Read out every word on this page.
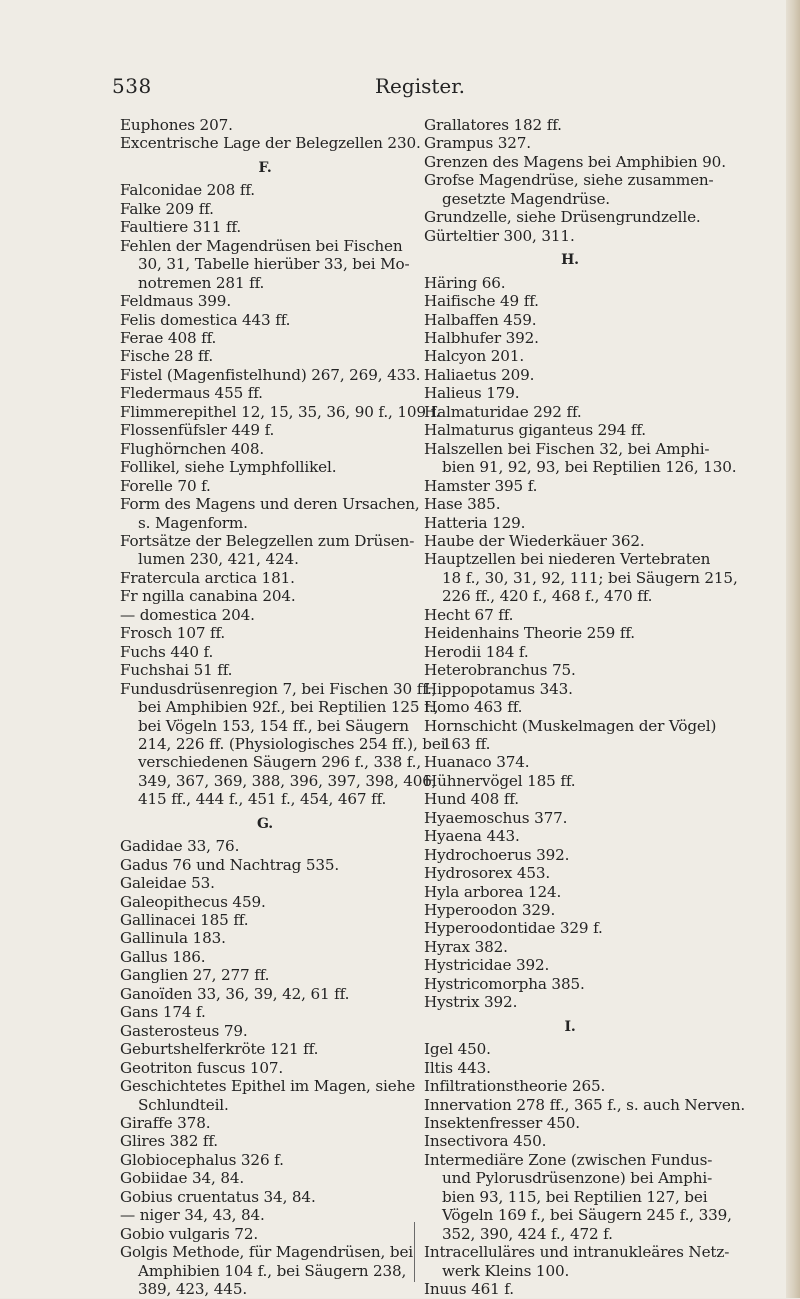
538	Register.
Euphones 207.
Excentrische Lage der Belegzellen 230.
F.
Falconidae 208 ff.
Falke 209 ff.
Faultiere 311 ff.
Fehlen der Magendrüsen bei Fischen
30, 31, Tabelle hierüber 33, bei Mo-
notremen 281 ff.
Feldmaus 399.
Felis domestica 443 ff.
Ferae 408 ff.
Fische 28 ff.
Fistel (Magenfistelhund) 267, 269, 433.
Fledermaus 455 ff.
Flimmerepithel 12, 15, 35, 36, 90 f., 109 f.
Flossenfüfsler 449 f.
Flughörnchen 408.
Follikel, siehe Lymphfollikel.
Forelle 70 f.
Form des Magens und deren Ursachen,
s. Magenform.
Fortsätze der Belegzellen zum Drüsen-
lumen 230, 421, 424.
Fratercula arctica 181.
Fr ngilla canabina 204.
— domestica 204.
Frosch 107 ff.
Fuchs 440 f.
Fuchshai 51 ff.
Fundusdrüsenregion 7, bei Fischen 30 ff.,
bei Amphibien 92f., bei Reptilien 125 f.,
bei Vögeln 153, 154 ff., bei Säugern
214, 226 ff. (Physiologisches 254 ff.), bei
verschiedenen Säugern 296 f., 338 f.,
349, 367, 369, 388, 396, 397, 398, 406,
415 ff., 444 f., 451 f., 454, 467 ff.
G.
Gadidae 33, 76.
Gadus 76 und Nachtrag 535.
Galeidae 53.
Galeopithecus 459.
Gallinacei 185 ff.
Gallinula 183.
Gallus 186.
Ganglien 27, 277 ff.
Ganoïden 33, 36, 39, 42, 61 ff.
Gans 174 f.
Gasterosteus 79.
Geburtshelferkröte 121 ff.
Geotriton fuscus 107.
Geschichtetes Epithel im Magen, siehe
Schlundteil.
Giraffe 378.
Glires 382 ff.
Globiocephalus 326 f.
Gobiidae 34, 84.
Gobius cruentatus 34, 84.
— niger 34, 43, 84.
Gobio vulgaris 72.
Golgis Methode, für Magendrüsen, bei
Amphibien 104 f., bei Säugern 238,
389, 423, 445.
Grallatores 182 ff.
Grampus 327.
Grenzen des Magens bei Amphibien 90.
Grofse Magendrüse, siehe zusammen-
gesetzte Magendrüse.
Grundzelle, siehe Drüsengrundzelle.
Gürteltier 300, 311.
H.
Häring 66.
Haifische 49 ff.
Halbaffen 459.
Halbhufer 392.
Halcyon 201.
Haliaetus 209.
Halieus 179.
Halmaturidae 292 ff.
Halmaturus giganteus 294 ff.
Halszellen bei Fischen 32, bei Amphi-
bien 91, 92, 93, bei Reptilien 126, 130.
Hamster 395 f.
Hase 385.
Hatteria 129.
Haube der Wiederkäuer 362.
Hauptzellen bei niederen Vertebraten
18 f., 30, 31, 92, 111; bei Säugern 215,
226 ff., 420 f., 468 f., 470 ff.
Hecht 67 ff.
Heidenhains Theorie 259 ff.
Herodii 184 f.
Heterobranchus 75.
Hippopotamus 343.
Homo 463 ff.
Hornschicht (Muskelmagen der Vögel)
163 ff.
Huanaco 374.
Hühnervögel 185 ff.
Hund 408 ff.
Hyaemoschus 377.
Hyaena 443.
Hydrochoerus 392.
Hydrosorex 453.
Hyla arborea 124.
Hyperoodon 329.
Hyperoodontidae 329 f.
Hyrax 382.
Hystricidae 392.
Hystricomorpha 385.
Hystrix 392.
I.
Igel 450.
Iltis 443.
Infiltrationstheorie 265.
Innervation 278 ff., 365 f., s. auch Nerven.
Insektenfresser 450.
Insectivora 450.
Intermediäre Zone (zwischen Fundus-
und Pylorusdrüsenzone) bei Amphi-
bien 93, 115, bei Reptilien 127, bei
Vögeln 169 f., bei Säugern 245 f., 339,
352, 390, 424 f., 472 f.
Intracelluläres und intranukleäres Netz-
werk Kleins 100.
Inuus 461 f.
